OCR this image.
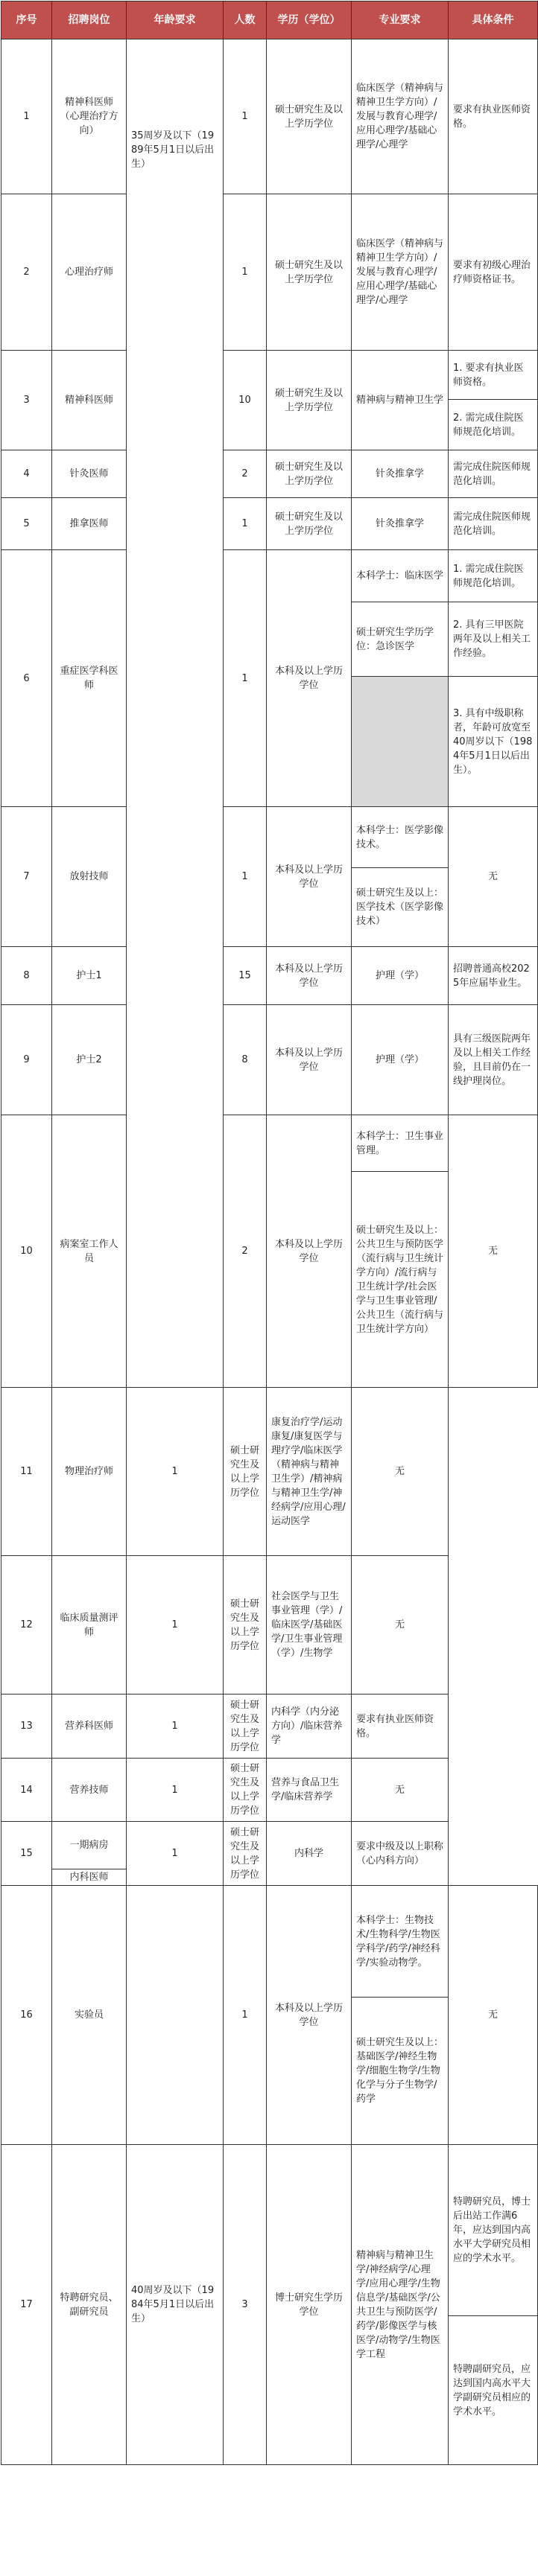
序号	招聘岗位	年龄要求	人数	学历（学位）	专业要求	具体条件
1	精神科医师（心理治疗方向）	35周岁及以下（1989年5月1日以后出生）	1	硕士研究生及以上学历学位	临床医学（精神病与精神卫生学方向）/发展与教育心理学/应用心理学/基础心理学/心理学	要求有执业医师资格。
2	心理治疗师		1	硕士研究生及以上学历学位	临床医学（精神病与精神卫生学方向）/发展与教育心理学/应用心理学/基础心理学/心理学	要求有初级心理治疗师资格证书。
3	精神科医师		10	硕士研究生及以上学历学位	精神病与精神卫生学	1. 要求有执业医师资格。
						2. 需完成住院医师规范化培训。
4	针灸医师		2	硕士研究生及以上学历学位	针灸推拿学	需完成住院医师规范化培训。
5	推拿医师		1	硕士研究生及以上学历学位	针灸推拿学	需完成住院医师规范化培训。
6	重症医学科医师		1	本科及以上学历学位	本科学士：临床医学	1. 需完成住院医师规范化培训。
					硕士研究生学历学位：急诊医学	2. 具有三甲医院两年及以上相关工作经验。
						3. 具有中级职称者，年龄可放宽至40周岁以下（1984年5月1日以后出生）。
7	放射技师		1	本科及以上学历学位	本科学士：医学影像技术。	无
					硕士研究生及以上：医学技术（医学影像技术）	
8	护士1		15	本科及以上学历学位	护理（学）	招聘普通高校2025年应届毕业生。
9	护士2		8	本科及以上学历学位	护理（学）	具有三级医院两年及以上相关工作经验，且目前仍在一线护理岗位。
10	病案室工作人员		2	本科及以上学历学位	本科学士：卫生事业管理。	无
					硕士研究生及以上：公共卫生与预防医学（流行病与卫生统计学方向）/流行病与卫生统计学/社会医学与卫生事业管理/公共卫生（流行病与卫生统计学方向）	
11	物理治疗师	1	硕士研究生及以上学历学位	康复治疗学/运动康复/康复医学与理疗学/临床医学（精神病与精神卫生学）/精神病与精神卫生学/神经病学/应用心理/运动医学	无	
12	临床质量测评师	1	硕士研究生及以上学历学位	社会医学与卫生事业管理（学）/临床医学/基础医学/卫生事业管理（学）/生物学	无	
13	营养科医师	1	硕士研究生及以上学历学位	内科学（内分泌方向）/临床营养学	要求有执业医师资格。	
14	营养技师	1	硕士研究生及以上学历学位	营养与食品卫生学/临床营养学	无	
15	一期病房	1	硕士研究生及以上学历学位	内科学	要求中级及以上职称（心内科方向）	
	内科医师					
16	实验员		1	本科及以上学历学位	本科学士：生物技术/生物科学/生物医学科学/药学/神经科学/实验动物学。	无
					硕士研究生及以上：基础医学/神经生物学/细胞生物学/生物化学与分子生物学/药学	
17	特聘研究员、副研究员	40周岁及以下（1984年5月1日以后出生）	3	博士研究生学历学位	精神病与精神卫生学/神经病学/心理学/应用心理学/生物信息学/基础医学/公共卫生与预防医学/药学/影像医学与核医学/动物学/生物医学工程	特聘研究员，博士后出站工作满6年，应达到国内高水平大学研究员相应的学术水平。
						特聘副研究员，应达到国内高水平大学副研究员相应的学术水平。
